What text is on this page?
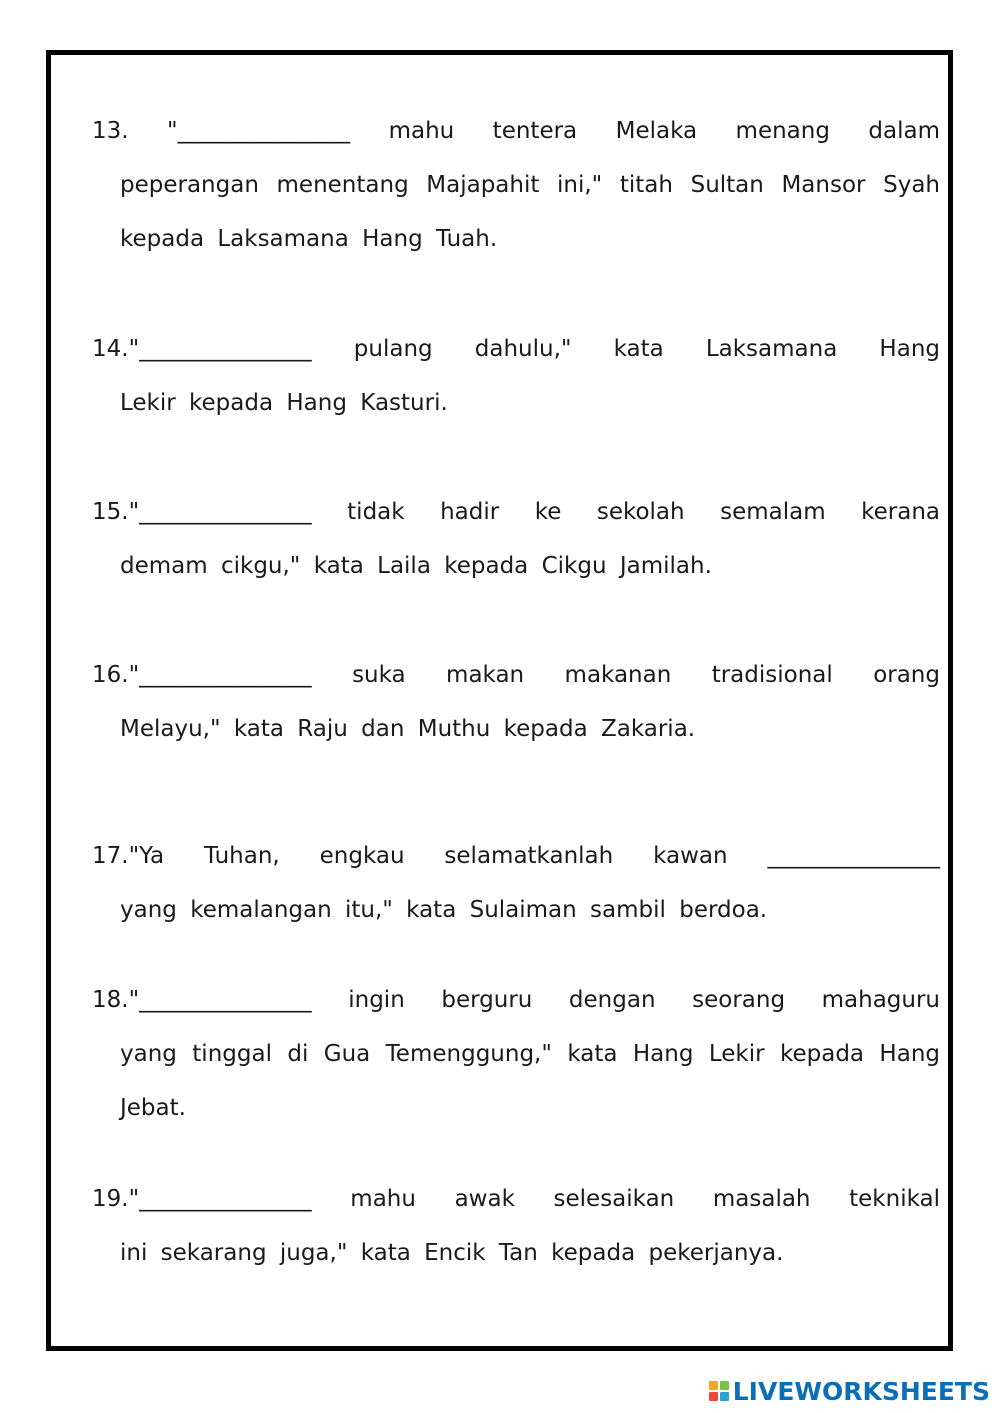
13. "_______________ mahu tentera Melaka menang dalam
peperangan menentang Majapahit ini," titah Sultan Mansor Syah
kepada Laksamana Hang Tuah.
14."_______________ pulang dahulu," kata Laksamana Hang
Lekir kepada Hang Kasturi.
15."_______________ tidak hadir ke sekolah semalam kerana
demam cikgu," kata Laila kepada Cikgu Jamilah.
16."_______________ suka makan makanan tradisional orang
Melayu," kata Raju dan Muthu kepada Zakaria.
17."Ya Tuhan, engkau selamatkanlah kawan _______________
yang kemalangan itu," kata Sulaiman sambil berdoa.
18."_______________ ingin berguru dengan seorang mahaguru
yang tinggal di Gua Temenggung," kata Hang Lekir kepada Hang
Jebat.
19."_______________ mahu awak selesaikan masalah teknikal
ini sekarang juga," kata Encik Tan kepada pekerjanya.
LIVEWORKSHEETS
